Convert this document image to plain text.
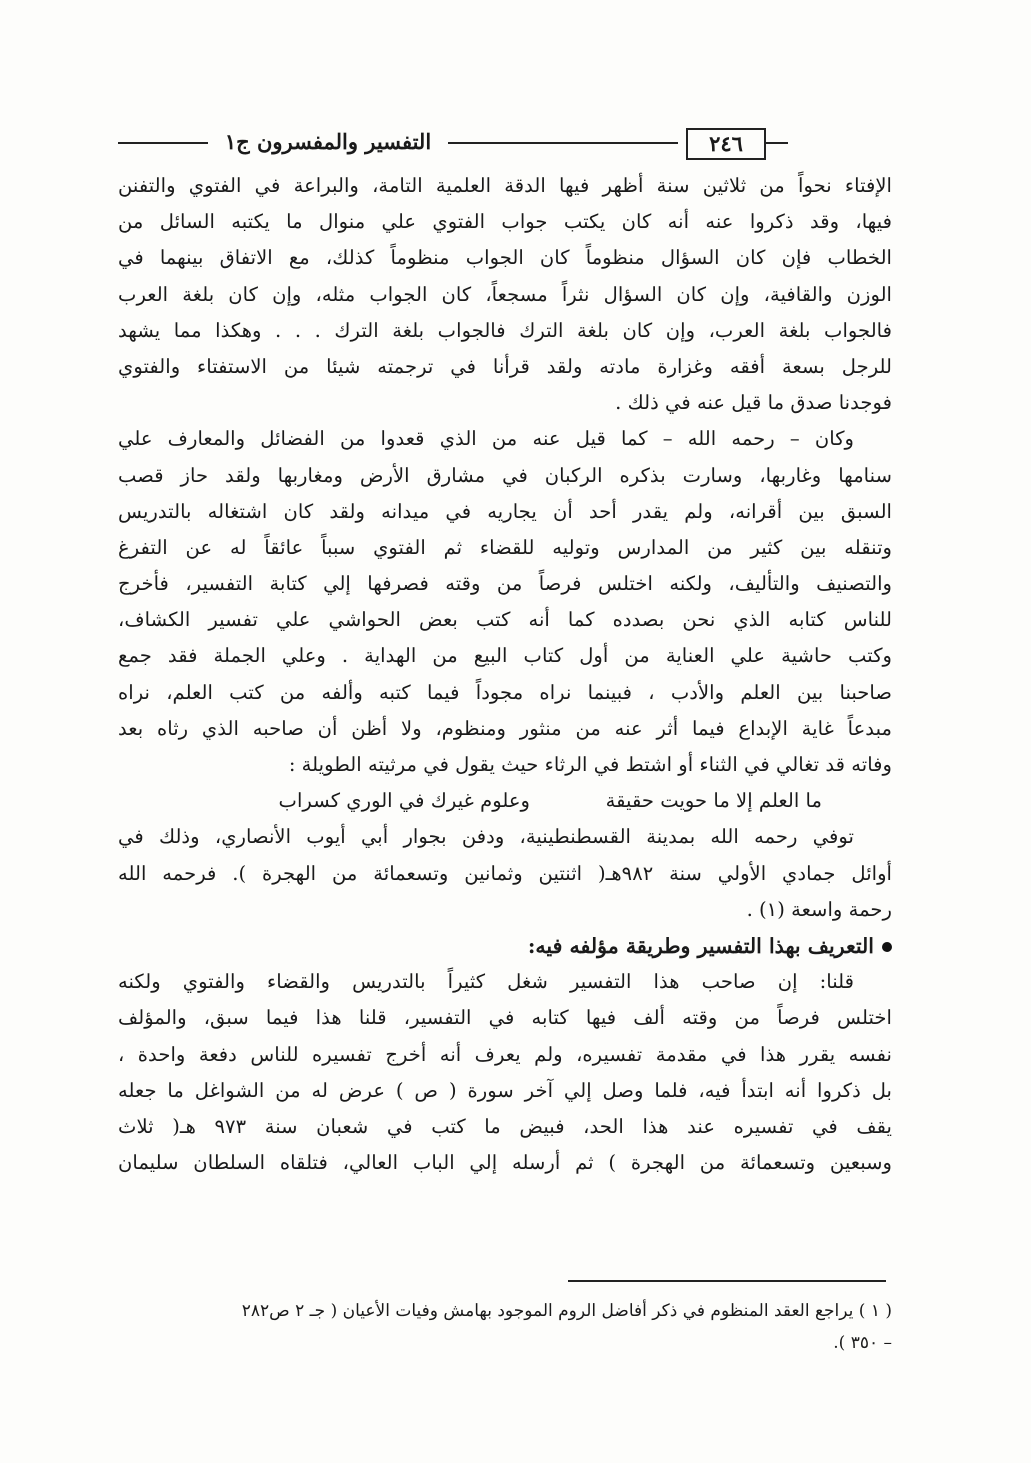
التفسير والمفسرون ج١	٢٤٦
الإفتاء نحواً من ثلاثين سنة أظهر فيها الدقة العلمية التامة، والبراعة في الفتوي والتفنن
فيها، وقد ذكروا عنه أنه كان يكتب جواب الفتوي علي منوال ما يكتبه السائل من
الخطاب فإن كان السؤال منظوماً كان الجواب منظوماً كذلك، مع الاتفاق بينهما في
الوزن والقافية، وإن كان السؤال نثراً مسجعاً، كان الجواب مثله، وإن كان بلغة العرب
فالجواب بلغة العرب، وإن كان بلغة الترك فالجواب بلغة الترك . . . وهكذا مما يشهد
للرجل بسعة أفقه وغزارة مادته ولقد قرأنا في ترجمته شيئا من الاستفتاء والفتوي
فوجدنا صدق ما قيل عنه في ذلك .
وكان – رحمه الله – كما قيل عنه من الذي قعدوا من الفضائل والمعارف علي
سنامها وغاربها، وسارت بذكره الركبان في مشارق الأرض ومغاربها ولقد حاز قصب
السبق بين أقرانه، ولم يقدر أحد أن يجاريه في ميدانه ولقد كان اشتغاله بالتدريس
وتنقله بين كثير من المدارس وتوليه للقضاء ثم الفتوي سبباً عائقاً له عن التفرغ
والتصنيف والتأليف، ولكنه اختلس فرصاً من وقته فصرفها إلي كتابة التفسير، فأخرج
للناس كتابه الذي نحن بصدده كما أنه كتب بعض الحواشي علي تفسير الكشاف،
وكتب حاشية علي العناية من أول كتاب البيع من الهداية . وعلي الجملة فقد جمع
صاحبنا بين العلم والأدب ، فبينما نراه مجوداً فيما كتبه وألفه من كتب العلم، نراه
مبدعاً غاية الإبداع فيما أثر عنه من منثور ومنظوم، ولا أظن أن صاحبه الذي رثاه بعد
وفاته قد تغالي في الثناء أو اشتط في الرثاء حيث يقول في مرثيته الطويلة :
ما العلم إلا ما حويت حقيقة
وعلوم غيرك في الوري كسراب
توفي رحمه الله بمدينة القسطنطينية، ودفن بجوار أبي أيوب الأنصاري، وذلك في
أوائل جمادي الأولي سنة ٩٨٢هـ( اثنتين وثمانين وتسعمائة من الهجرة ). فرحمه الله
رحمة واسعة (١) .
التعريف بهذا التفسير وطريقة مؤلفه فيه:
قلنا: إن صاحب هذا التفسير شغل كثيراً بالتدريس والقضاء والفتوي ولكنه
اختلس فرصاً من وقته ألف فيها كتابه في التفسير، قلنا هذا فيما سبق، والمؤلف
نفسه يقرر هذا في مقدمة تفسيره، ولم يعرف أنه أخرج تفسيره للناس دفعة واحدة ،
بل ذكروا أنه ابتدأ فيه، فلما وصل إلي آخر سورة ( ص ) عرض له من الشواغل ما جعله
يقف في تفسيره عند هذا الحد، فبيض ما كتب في شعبان سنة ٩٧٣ هـ( ثلاث
وسبعين وتسعمائة من الهجرة ) ثم أرسله إلي الباب العالي، فتلقاه السلطان سليمان
( ١ ) يراجع العقد المنظوم في ذكر أفاضل الروم الموجود بهامش وفيات الأعيان ( جـ ٢ ص٢٨٢
– ٣٥٠ ).
